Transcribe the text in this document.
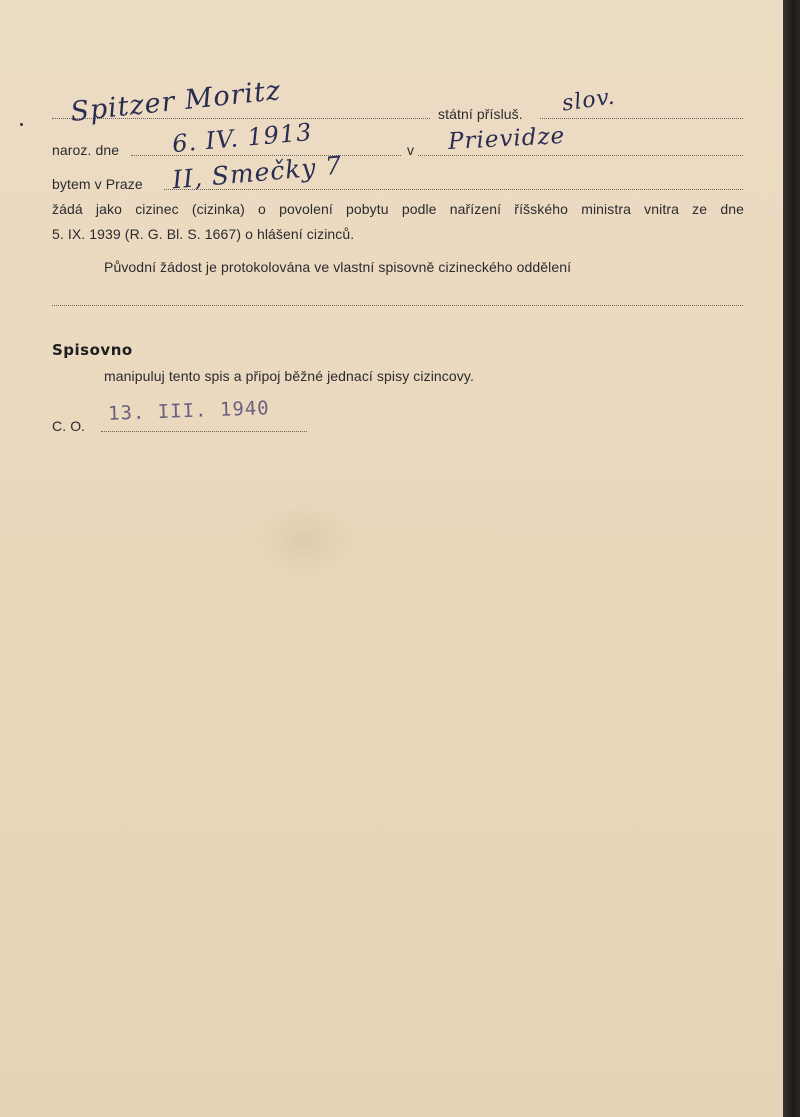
Spitzer Moritz	státní přísluš. slov.
naroz. dne 6. IV. 1913	v Prievidze
bytem v Praze II, Smečky 7
žádá jako cizinec (cizinka) o povolení pobytu podle nařízení říšského ministra vnitra ze dne
5. IX. 1939 (R. G. Bl. S. 1667) o hlášení cizinců.
Původní žádost je protokolována ve vlastní spisovně cizineckého oddělení
Spisovno
manipuluj tento spis a připoj běžné jednací spisy cizincovy.
C. O.
13. III. 1940
